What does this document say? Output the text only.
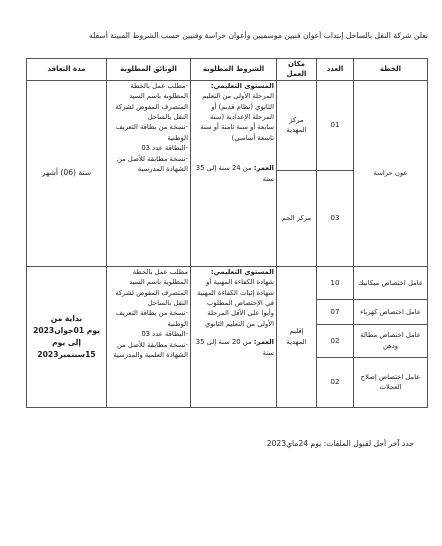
تعلن شركة النقل بالساحل إنتداب أعوان فنيين موسميين وأعوان حراسة وفنيين حسب الشروط المبينة أسفله
الخطة	العدد	مكان العمل	الشروط المطلوبة	الوثائق المطلوبة	مدة التعاقد
عون حراسة	01	مركز المهدية	المستوى التعليمي:
المرحلة الأولى من التعليم الثانوي (نظام قديم) أو المرحلة الإعدادية (سنة سابعة أو سنة ثامنة أو سنة تاسعة أساسي)
العمر: من 24 سنة إلى 35 سنة	-مطلب عمل بالخطة المطلوبة باسم السيد المتصرف المفوض لشركة النقل بالساحل
-نسخة من بطاقة التعريف الوطنية
-البطاقة عدد 03
-نسخة مطابقة للأصل من الشهادة المدرسية	ستة (06) أشهر
	03	مركز الجم			
عامل اختصاص ميكانيك	10	إقليم المهدية	المستوى التعليمي:
شهادة الكفاءة المهنية أو شهادة إثبات الكفاءة المهنية في الإختصاص المطلوب وأيوا على الأقل المرحلة الأولى من التعليم الثانوي
العمر: من 20 سنة إلى 35 سنة	مطلب عمل بالخطة المطلوبة باسم السيد المتصرف المفوض لشركة النقل بالساحل
-نسخة من بطاقة التعريف الوطنية
-البطاقة عدد 03
-نسخة مطابقة للأصل من الشهادة العلمية والمدرسية	بداية من
يوم 01جوان2023
إلى يوم
15سبتمبر2023

عامل اختصاص كهرباء	07				
عامل اختصاص مطالة ودهن	02				
عامل اختصاص إصلاح العجلات	02				
حدد آخر أجل لقبول الملفات: يوم 24ماي2023
